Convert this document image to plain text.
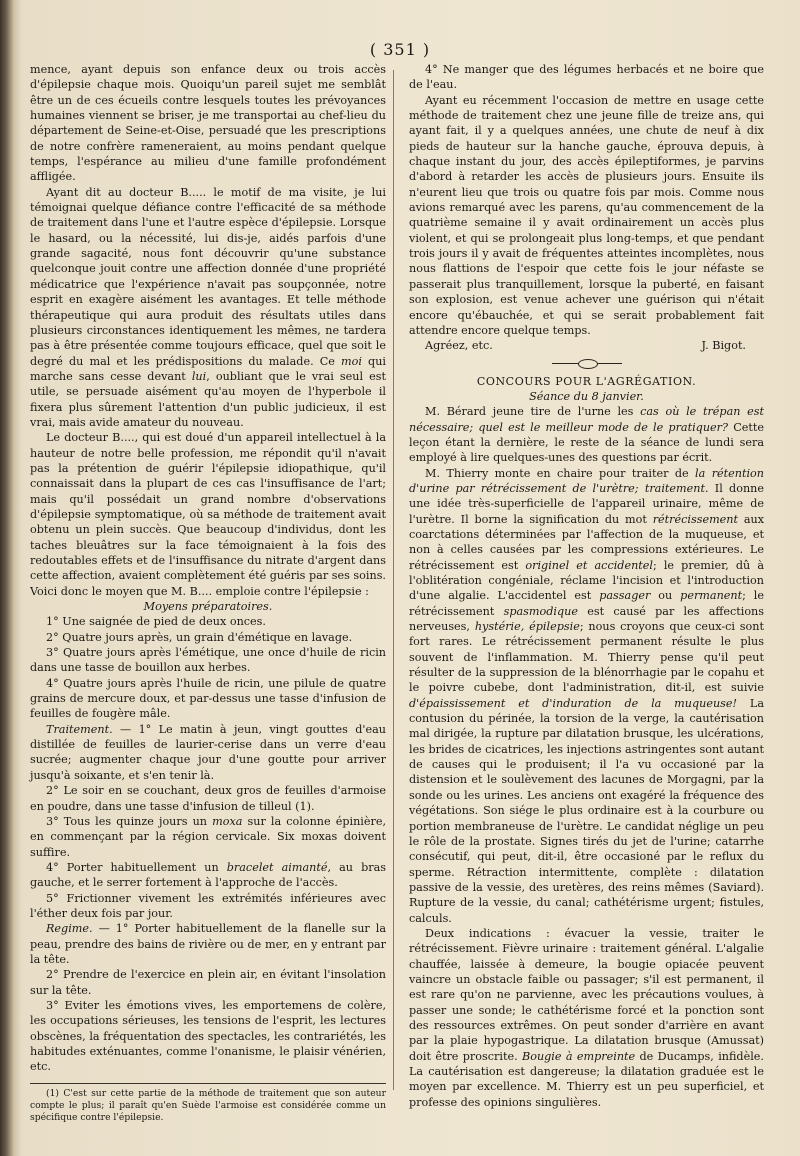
( 351 )

mence, ayant depuis son enfance deux ou trois accès d'épilepsie chaque mois. Quoiqu'un pareil sujet me semblât être un de ces écueils contre lesquels toutes les prévoyances humaines viennent se briser, je me transportai au chef-lieu du département de Seine-et-Oise, persuadé que les prescriptions de notre confrère rameneraient, au moins pendant quelque temps, l'espérance au milieu d'une famille profondément affligée.

Ayant dit au docteur B..... le motif de ma visite, je lui témoignai quelque défiance contre l'efficacité de sa méthode de traitement dans l'une et l'autre espèce d'épilepsie. Lorsque le hasard, ou la nécessité, lui dis-je, aidés parfois d'une grande sagacité, nous font découvrir qu'une substance quelconque jouit contre une affection donnée d'une propriété médicatrice que l'expérience n'avait pas soupçonnée, notre esprit en exagère aisément les avantages. Et telle méthode thérapeutique qui aura produit des résultats utiles dans plusieurs circonstances identiquement les mêmes, ne tardera pas à être présentée comme toujours efficace, quel que soit le degré du mal et les prédispositions du malade. Ce moi qui marche sans cesse devant lui, oubliant que le vrai seul est utile, se persuade aisément qu'au moyen de l'hyperbole il fixera plus sûrement l'attention d'un public judicieux, il est vrai, mais avide amateur du nouveau.

Le docteur B...., qui est doué d'un appareil intellectuel à la hauteur de notre belle profession, me répondit qu'il n'avait pas la prétention de guérir l'épilepsie idiopathique, qu'il connaissait dans la plupart de ces cas l'insuffisance de l'art; mais qu'il possédait un grand nombre d'observations d'épilepsie symptomatique, où sa méthode de traitement avait obtenu un plein succès. Que beaucoup d'individus, dont les taches bleuâtres sur la face témoignaient à la fois des redoutables effets et de l'insuffisance du nitrate d'argent dans cette affection, avaient complètement été guéris par ses soins. Voici donc le moyen que M. B.... emploie contre l'épilepsie :

Moyens préparatoires.

1° Une saignée de pied de deux onces.

2° Quatre jours après, un grain d'émétique en lavage.

3° Quatre jours après l'émétique, une once d'huile de ricin dans une tasse de bouillon aux herbes.

4° Quatre jours après l'huile de ricin, une pilule de quatre grains de mercure doux, et par-dessus une tasse d'infusion de feuilles de fougère mâle.

Traitement. — 1° Le matin à jeun, vingt gouttes d'eau distillée de feuilles de laurier-cerise dans un verre d'eau sucrée; augmenter chaque jour d'une goutte pour arriver jusqu'à soixante, et s'en tenir là.

2° Le soir en se couchant, deux gros de feuilles d'armoise en poudre, dans une tasse d'infusion de tilleul (1).

3° Tous les quinze jours un moxa sur la colonne épinière, en commençant par la région cervicale. Six moxas doivent suffire.

4° Porter habituellement un bracelet aimanté, au bras gauche, et le serrer fortement à l'approche de l'accès.

5° Frictionner vivement les extrémités inférieures avec l'éther deux fois par jour.

Regime. — 1° Porter habituellement de la flanelle sur la peau, prendre des bains de rivière ou de mer, en y entrant par la tête.

2° Prendre de l'exercice en plein air, en évitant l'insolation sur la tête.

3° Eviter les émotions vives, les emportemens de colère, les occupations sérieuses, les tensions de l'esprit, les lectures obscènes, la fréquentation des spectacles, les contrariétés, les habitudes exténuantes, comme l'onanisme, le plaisir vénérien, etc.

(1) C'est sur cette partie de la méthode de traitement que son auteur compte le plus; il paraît qu'en Suède l'armoise est considérée comme un spécifique contre l'épilepsie.

4° Ne manger que des légumes herbacés et ne boire que de l'eau.

Ayant eu récemment l'occasion de mettre en usage cette méthode de traitement chez une jeune fille de treize ans, qui ayant fait, il y a quelques années, une chute de neuf à dix pieds de hauteur sur la hanche gauche, éprouva depuis, à chaque instant du jour, des accès épileptiformes, je parvins d'abord à retarder les accès de plusieurs jours. Ensuite ils n'eurent lieu que trois ou quatre fois par mois. Comme nous avions remarqué avec les parens, qu'au commencement de la quatrième semaine il y avait ordinairement un accès plus violent, et qui se prolongeait plus long-temps, et que pendant trois jours il y avait de fréquentes atteintes incomplètes, nous nous flattions de l'espoir que cette fois le jour néfaste se passerait plus tranquillement, lorsque la puberté, en faisant son explosion, est venue achever une guérison qui n'était encore qu'ébauchée, et qui se serait probablement fait attendre encore quelque temps.

Agréez, etc.	J. Bigot.

CONCOURS POUR L'AGRÉGATION.

Séance du 8 janvier.

M. Bérard jeune tire de l'urne les cas où le trépan est nécessaire; quel est le meilleur mode de le pratiquer? Cette leçon étant la dernière, le reste de la séance de lundi sera employé à lire quelques-unes des questions par écrit.

M. Thierry monte en chaire pour traiter de la rétention d'urine par rétrécissement de l'urètre; traitement. Il donne une idée très-superficielle de l'appareil urinaire, même de l'urètre. Il borne la signification du mot rétrécissement aux coarctations déterminées par l'affection de la muqueuse, et non à celles causées par les compressions extérieures. Le rétrécissement est originel et accidentel; le premier, dû à l'oblitération congéniale, réclame l'incision et l'introduction d'une algalie. L'accidentel est passager ou permanent; le rétrécissement spasmodique est causé par les affections nerveuses, hystérie, épilepsie; nous croyons que ceux-ci sont fort rares. Le rétrécissement permanent résulte le plus souvent de l'inflammation. M. Thierry pense qu'il peut résulter de la suppression de la blénorrhagie par le copahu et le poivre cubebe, dont l'administration, dit-il, est suivie d'épaississement et d'induration de la muqueuse! La contusion du périnée, la torsion de la verge, la cautérisation mal dirigée, la rupture par dilatation brusque, les ulcérations, les brides de cicatrices, les injections astringentes sont autant de causes qui le produisent; il l'a vu occasioné par la distension et le soulèvement des lacunes de Morgagni, par la sonde ou les urines. Les anciens ont exagéré la fréquence des végétations. Son siége le plus ordinaire est à la courbure ou portion membraneuse de l'urètre. Le candidat néglige un peu le rôle de la prostate. Signes tirés du jet de l'urine; catarrhe consécutif, qui peut, dit-il, être occasioné par le reflux du sperme. Rétraction intermittente, complète : dilatation passive de la vessie, des uretères, des reins mêmes (Saviard). Rupture de la vessie, du canal; cathétérisme urgent; fistules, calculs.

Deux indications : évacuer la vessie, traiter le rétrécissement. Fièvre urinaire : traitement général. L'algalie chauffée, laissée à demeure, la bougie opiacée peuvent vaincre un obstacle faible ou passager; s'il est permanent, il est rare qu'on ne parvienne, avec les précautions voulues, à passer une sonde; le cathétérisme forcé et la ponction sont des ressources extrêmes. On peut sonder d'arrière en avant par la plaie hypogastrique. La dilatation brusque (Amussat) doit être proscrite. Bougie à empreinte de Ducamps, infidèle. La cautérisation est dangereuse; la dilatation graduée est le moyen par excellence. M. Thierry est un peu superficiel, et professe des opinions singulières.
